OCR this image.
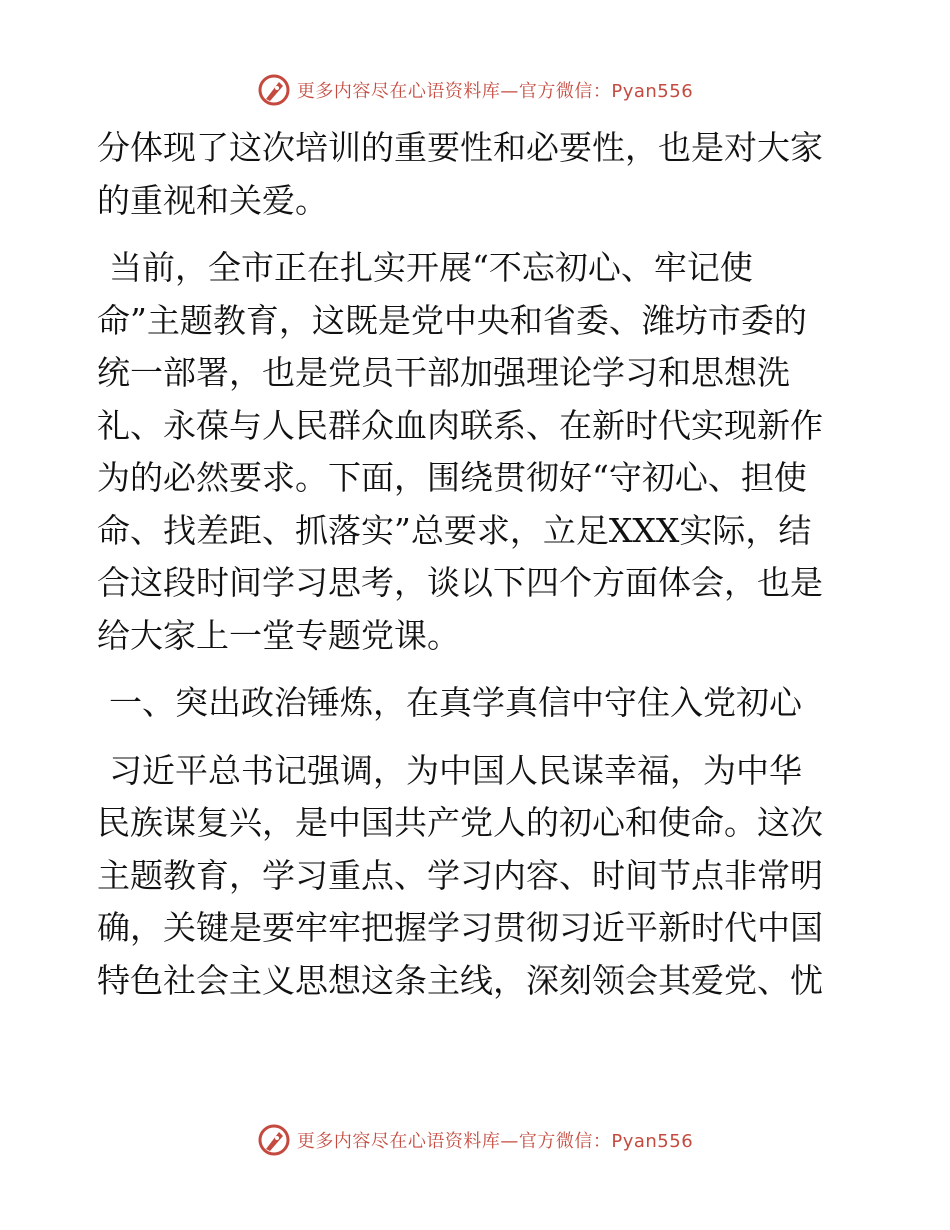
更多内容尽在心语资料库—官方微信：Pyan556

分体现了这次培训的重要性和必要性，也是对大家
的重视和关爱。

当前，全市正在扎实开展“不忘初心、牢记使
命”主题教育，这既是党中央和省委、潍坊市委的
统一部署，也是党员干部加强理论学习和思想洗
礼、永葆与人民群众血肉联系、在新时代实现新作
为的必然要求。下面，围绕贯彻好“守初心、担使
命、找差距、抓落实”总要求，立足XXX实际，结
合这段时间学习思考，谈以下四个方面体会，也是
给大家上一堂专题党课。

一、突出政治锤炼，在真学真信中守住入党初心

习近平总书记强调，为中国人民谋幸福，为中华
民族谋复兴，是中国共产党人的初心和使命。这次
主题教育，学习重点、学习内容、时间节点非常明
确，关键是要牢牢把握学习贯彻习近平新时代中国
特色社会主义思想这条主线，深刻领会其爱党、忧

更多内容尽在心语资料库—官方微信：Pyan556
